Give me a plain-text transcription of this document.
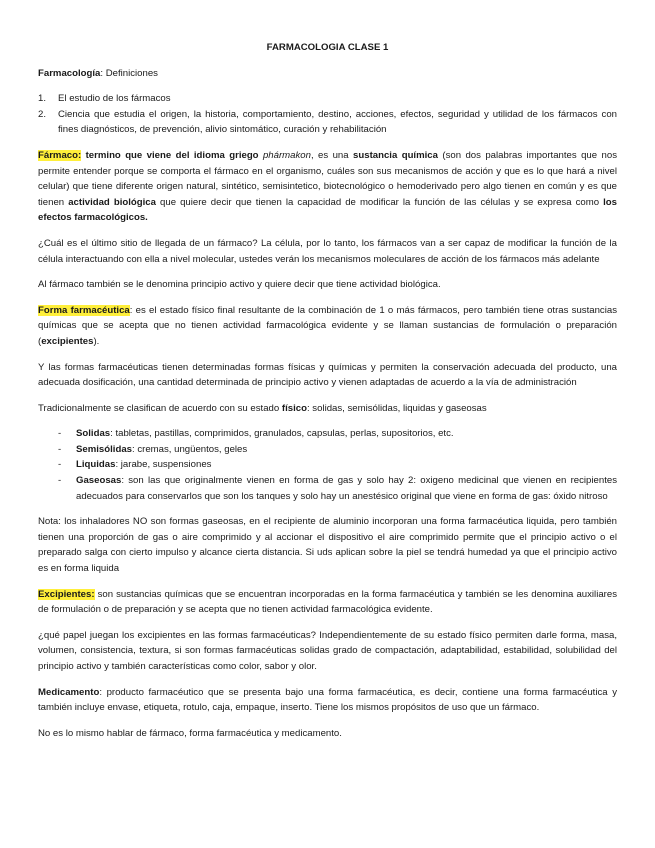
FARMACOLOGIA CLASE 1

Farmacología: Definiciones

1.	El estudio de los fármacos
2.	Ciencia que estudia el origen, la historia, comportamiento, destino, acciones, efectos, seguridad y utilidad de los fármacos con fines diagnósticos, de prevención, alivio sintomático, curación y rehabilitación

Fármaco: termino que viene del idioma griego phármakon, es una sustancia química (son dos palabras importantes que nos permite entender porque se comporta el fármaco en el organismo, cuáles son sus mecanismos de acción y que es lo que hará a nivel celular) que tiene diferente origen natural, sintético, semisintetico, biotecnológico o hemoderivado pero algo tienen en común y es que tienen actividad biológica que quiere decir que tienen la capacidad de modificar la función de las células y se expresa como los efectos farmacológicos.

¿Cuál es el último sitio de llegada de un fármaco? La célula, por lo tanto, los fármacos van a ser capaz de modificar la función de la célula interactuando con ella a nivel molecular, ustedes verán los mecanismos moleculares de acción de los fármacos más adelante

Al fármaco también se le denomina principio activo y quiere decir que tiene actividad biológica.

Forma farmacéutica: es el estado físico final resultante de la combinación de 1 o más fármacos, pero también tiene otras sustancias químicas que se acepta que no tienen actividad farmacológica evidente y se llaman sustancias de formulación o preparación (excipientes).

Y las formas farmacéuticas tienen determinadas formas físicas y químicas y permiten la conservación adecuada del producto, una adecuada dosificación, una cantidad determinada de principio activo y vienen adaptadas de acuerdo a la vía de administración

Tradicionalmente se clasifican de acuerdo con su estado físico: solidas, semisólidas, liquidas y gaseosas

-	Solidas: tabletas, pastillas, comprimidos, granulados, capsulas, perlas, supositorios, etc.
-	Semisólidas: cremas, ungüentos, geles
-	Liquidas: jarabe, suspensiones
-	Gaseosas: son las que originalmente vienen en forma de gas y solo hay 2: oxigeno medicinal que vienen en recipientes adecuados para conservarlos que son los tanques y solo hay un anestésico original que viene en forma de gas: óxido nitroso

Nota: los inhaladores NO son formas gaseosas, en el recipiente de aluminio incorporan una forma farmacéutica liquida, pero también tienen una proporción de gas o aire comprimido y al accionar el dispositivo el aire comprimido permite que el principio activo o el preparado salga con cierto impulso y alcance cierta distancia. Si uds aplican sobre la piel se tendrá humedad ya que el principio activo es en forma liquida

Excipientes: son sustancias químicas que se encuentran incorporadas en la forma farmacéutica y también se les denomina auxiliares de formulación o de preparación y se acepta que no tienen actividad farmacológica evidente.

¿qué papel juegan los excipientes en las formas farmacéuticas? Independientemente de su estado físico permiten darle forma, masa, volumen, consistencia, textura, si son formas farmacéuticas solidas grado de compactación, adaptabilidad, estabilidad, solubilidad del principio activo y también características como color, sabor y olor.

Medicamento: producto farmacéutico que se presenta bajo una forma farmacéutica, es decir, contiene una forma farmacéutica y también incluye envase, etiqueta, rotulo, caja, empaque, inserto. Tiene los mismos propósitos de uso que un fármaco.

No es lo mismo hablar de fármaco, forma farmacéutica y medicamento.
